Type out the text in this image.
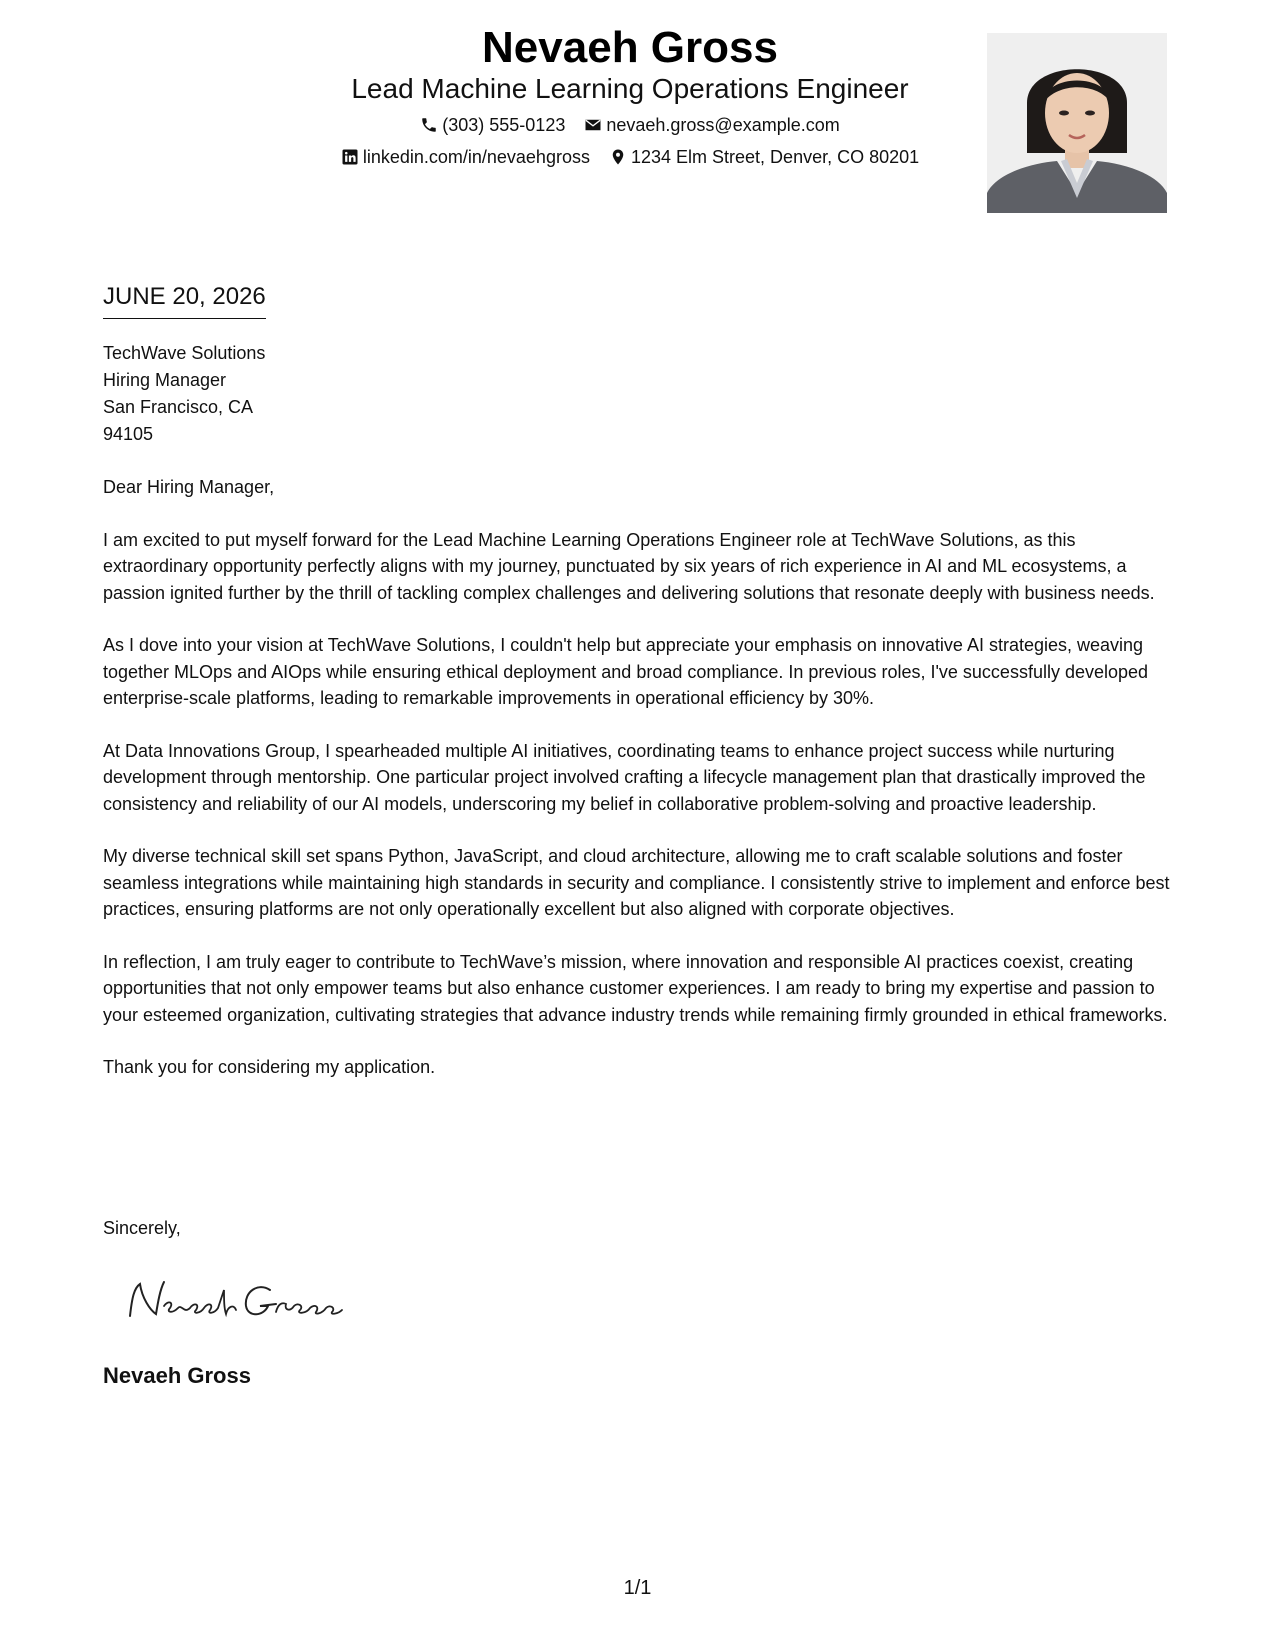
Nevaeh Gross
Lead Machine Learning Operations Engineer
(303) 555-0123
nevaeh.gross@example.com
linkedin.com/in/nevaehgross
1234 Elm Street, Denver, CO 80201
JUNE 20, 2026
TechWave Solutions
Hiring Manager
San Francisco, CA
94105

Dear Hiring Manager,

I am excited to put myself forward for the Lead Machine Learning Operations Engineer role at TechWave Solutions, as this extraordinary opportunity perfectly aligns with my journey, punctuated by six years of rich experience in AI and ML ecosystems, a passion ignited further by the thrill of tackling complex challenges and delivering solutions that resonate deeply with business needs.

As I dove into your vision at TechWave Solutions, I couldn't help but appreciate your emphasis on innovative AI strategies, weaving together MLOps and AIOps while ensuring ethical deployment and broad compliance. In previous roles, I've successfully developed enterprise-scale platforms, leading to remarkable improvements in operational efficiency by 30%.

At Data Innovations Group, I spearheaded multiple AI initiatives, coordinating teams to enhance project success while nurturing development through mentorship. One particular project involved crafting a lifecycle management plan that drastically improved the consistency and reliability of our AI models, underscoring my belief in collaborative problem-solving and proactive leadership.

My diverse technical skill set spans Python, JavaScript, and cloud architecture, allowing me to craft scalable solutions and foster seamless integrations while maintaining high standards in security and compliance. I consistently strive to implement and enforce best practices, ensuring platforms are not only operationally excellent but also aligned with corporate objectives.

In reflection, I am truly eager to contribute to TechWave’s mission, where innovation and responsible AI practices coexist, creating opportunities that not only empower teams but also enhance customer experiences. I am ready to bring my expertise and passion to your esteemed organization, cultivating strategies that advance industry trends while remaining firmly grounded in ethical frameworks.

Thank you for considering my application.

Sincerely,
Nevaeh Gross
1/1
